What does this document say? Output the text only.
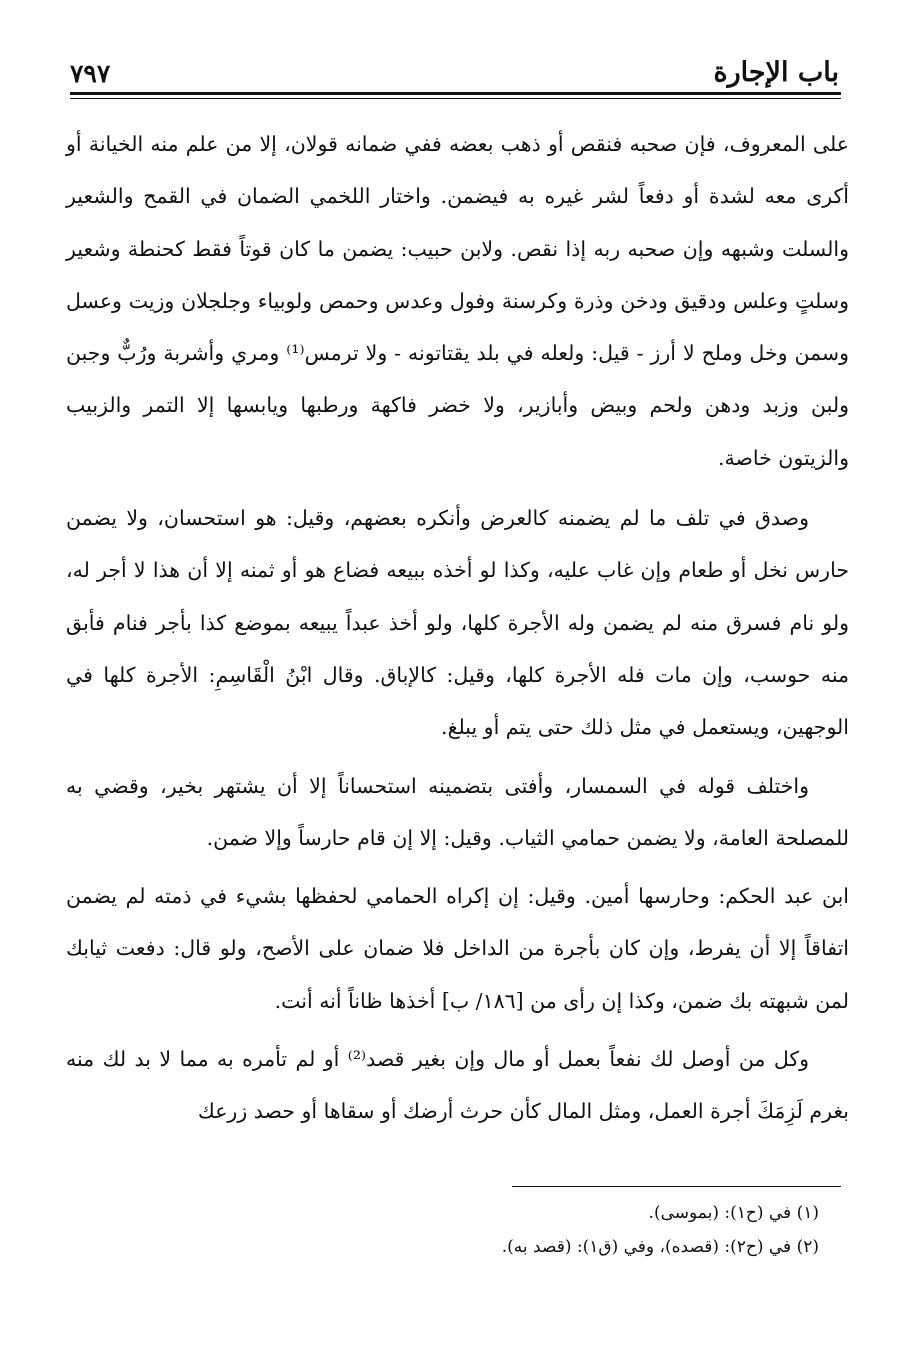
باب الإجارة
٧٩٧

على المعروف، فإن صحبه فنقص أو ذهب بعضه ففي ضمانه قولان، إلا من علم منه الخيانة أو أكرى معه لشدة أو دفعاً لشر غيره به فيضمن. واختار اللخمي الضمان في القمح والشعير والسلت وشبهه وإن صحبه ربه إذا نقص. ولابن حبيب: يضمن ما كان قوتاً فقط كحنطة وشعير وسلتٍ وعلس ودقيق ودخن وذرة وكرسنة وفول وعدس وحمص ولوبياء وجلجلان وزيت وعسل وسمن وخل وملح لا أرز - قيل: ولعله في بلد يقتاتونه - ولا ترمس⁽¹⁾ ومري وأشربة ورُبٌّ وجبن ولبن وزبد ودهن ولحم وبيض وأبازير، ولا خضر فاكهة ورطبها ويابسها إلا التمر والزبيب والزيتون خاصة.

وصدق في تلف ما لم يضمنه كالعرض وأنكره بعضهم، وقيل: هو استحسان، ولا يضمن حارس نخل أو طعام وإن غاب عليه، وكذا لو أخذه ببيعه فضاع هو أو ثمنه إلا أن هذا لا أجر له، ولو نام فسرق منه لم يضمن وله الأجرة كلها، ولو أخذ عبداً يبيعه بموضع كذا بأجر فنام فأبق منه حوسب، وإن مات فله الأجرة كلها، وقيل: كالإباق. وقال ابْنُ الْقَاسِمِ: الأجرة كلها في الوجهين، ويستعمل في مثل ذلك حتى يتم أو يبلغ.

واختلف قوله في السمسار، وأفتى بتضمينه استحساناً إلا أن يشتهر بخير، وقضي به للمصلحة العامة، ولا يضمن حمامي الثياب. وقيل: إلا إن قام حارساً وإلا ضمن.

ابن عبد الحكم: وحارسها أمين. وقيل: إن إكراه الحمامي لحفظها بشيء في ذمته لم يضمن اتفاقاً إلا أن يفرط، وإن كان بأجرة من الداخل فلا ضمان على الأصح، ولو قال: دفعت ثيابك لمن شبهته بك ضمن، وكذا إن رأى من [١٨٦/ ب] أخذها ظاناً أنه أنت.

وكل من أوصل لك نفعاً بعمل أو مال وإن بغير قصد⁽²⁾ أو لم تأمره به مما لا بد لك منه بغرم لَزِمَكَ أجرة العمل، ومثل المال كأن حرث أرضك أو سقاها أو حصد زرعك

(١) في (ح١): (بموسى).

(٢) في (ح٢): (قصده)، وفي (ق١): (قصد به).
